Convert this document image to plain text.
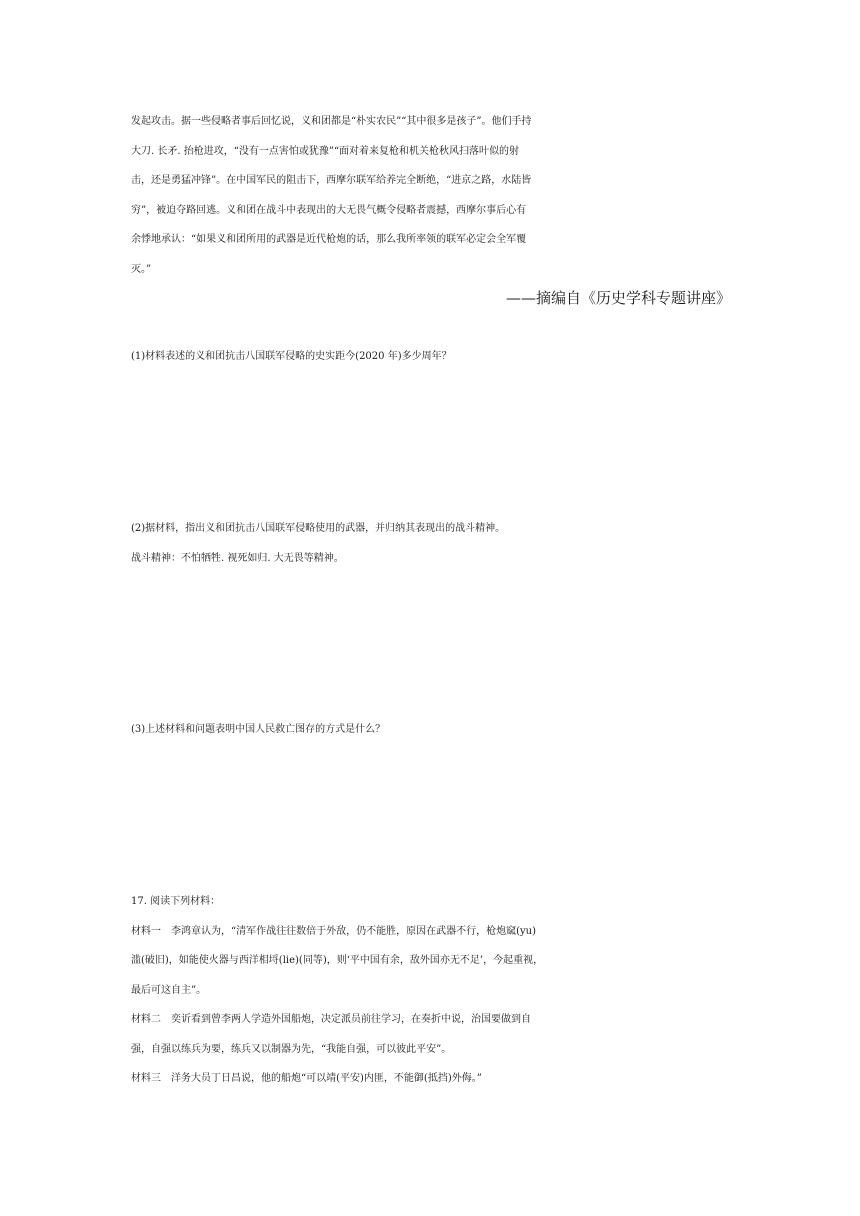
发起攻击。据一些侵略者事后回忆说，义和团都是“朴实农民”“其中很多是孩子”。他们手持
大刀. 长矛. 抬枪进攻，“没有一点害怕或犹豫”“面对着来复枪和机关枪秋风扫落叶似的射
击，还是勇猛冲锋”。在中国军民的阻击下，西摩尔联军给养完全断绝，“进京之路，水陆皆
穷”，被迫夺路回逃。义和团在战斗中表现出的大无畏气概令侵略者震撼，西摩尔事后心有
余悸地承认：“如果义和团所用的武器是近代枪炮的话，那么我所率领的联军必定会全军覆
灭。”

——摘编自《历史学科专题讲座》

(1)材料表述的义和团抗击八国联军侵略的史实距今(2020 年)多少周年？
(2)据材料，指出义和团抗击八国联军侵略使用的武器，并归纳其表现出的战斗精神。
战斗精神：不怕牺牲. 视死如归. 大无畏等精神。
(3)上述材料和问题表明中国人民救亡图存的方式是什么？
17. 阅读下列材料：
材料一　李鸿章认为，“清军作战往往数倍于外敌，仍不能胜，原因在武器不行，枪炮窳(yu)
滥(破旧)，如能使火器与西洋相埒(lie)(同等)，则‘平中国有余，敌外国亦无不足’，今起重视，
最后可这自主”。
材料二　奕䜣看到曾李两人学造外国船炮，决定派员前往学习，在奏折中说，治国要做到自
强，自强以练兵为要，练兵又以制器为先，“我能自强，可以彼此平安”。
材料三　洋务大员丁日昌说，他的船炮“可以靖(平安)内匪，不能御(抵挡)外侮。”
